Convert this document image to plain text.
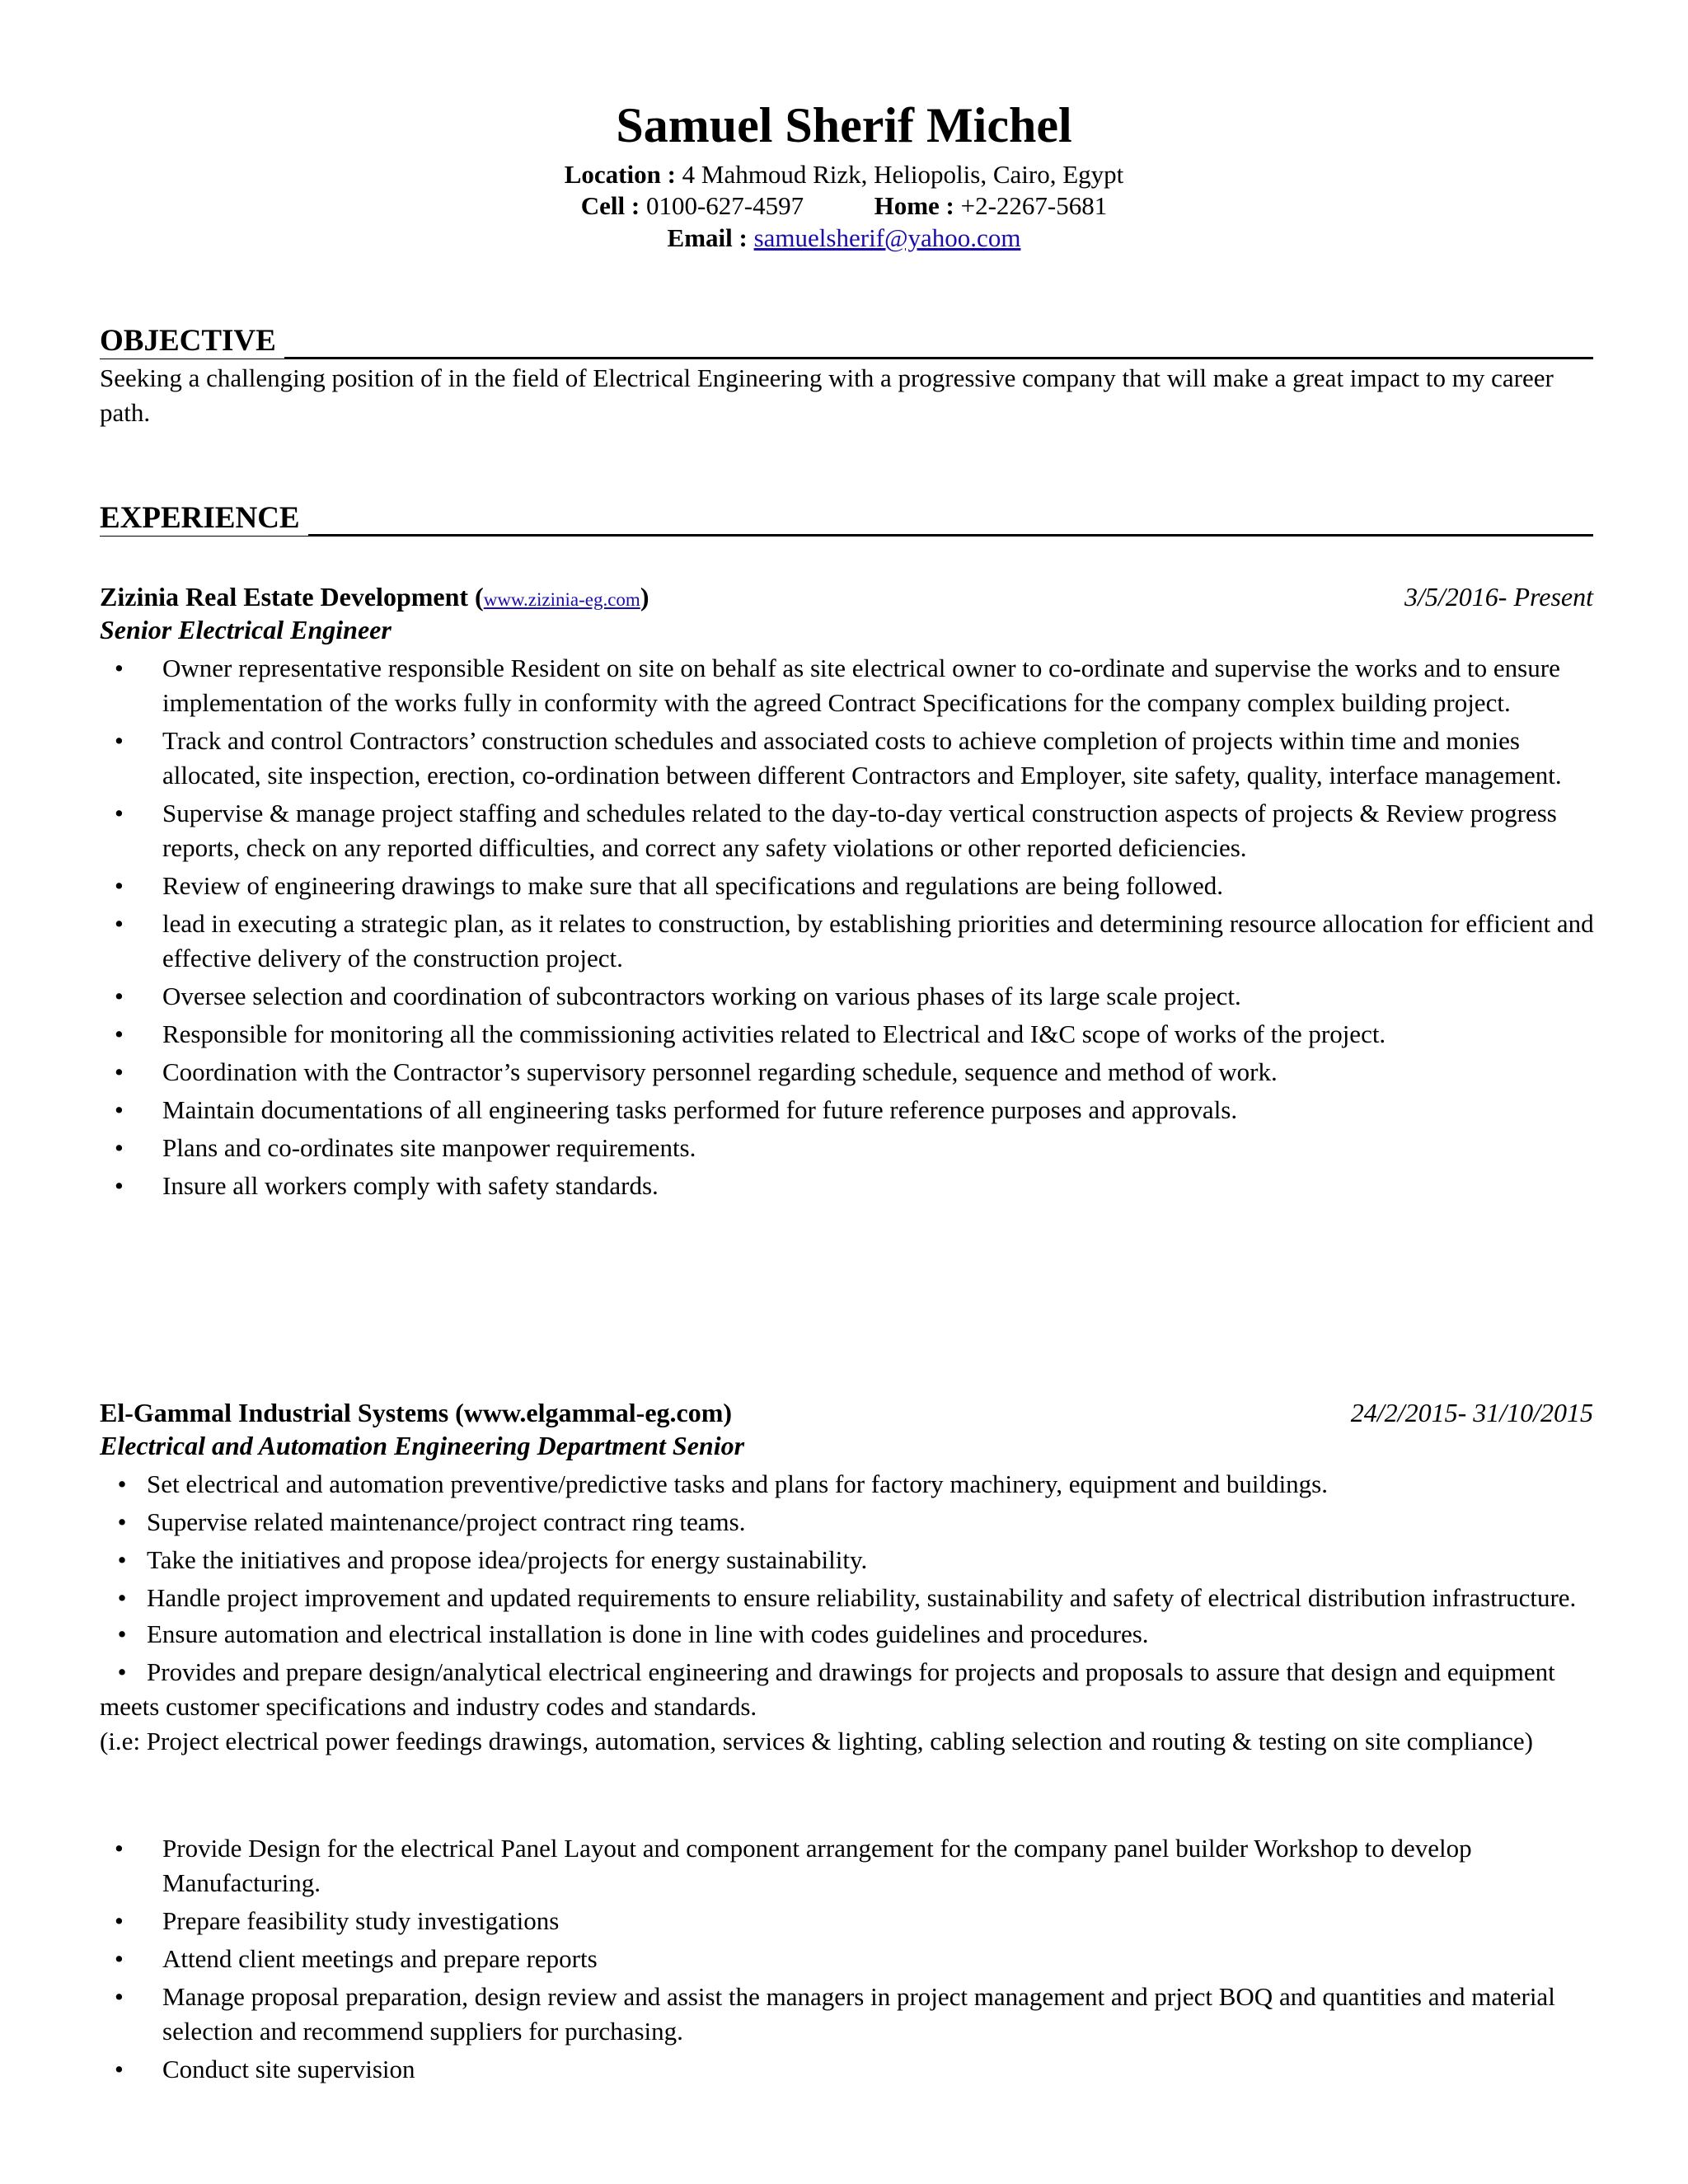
Samuel Sherif Michel
Location : 4 Mahmoud Rizk, Heliopolis, Cairo, Egypt
Cell : 0100-627-4597	Home : +2-2267-5681
Email : samuelsherif@yahoo.com
OBJECTIVE
Seeking a challenging position of in the field of Electrical Engineering with a progressive company that will make a great impact to my career path.
EXPERIENCE
Zizinia Real Estate Development (www.zizinia-eg.com)	3/5/2016- Present
Senior Electrical Engineer
• Owner representative responsible Resident on site on behalf as site electrical owner to co-ordinate and supervise the works and to ensure implementation of the works fully in conformity with the agreed Contract Specifications for the company complex building project.
• Track and control Contractors’ construction schedules and associated costs to achieve completion of projects within time and monies allocated, site inspection, erection, co-ordination between different Contractors and Employer, site safety, quality, interface management.
• Supervise & manage project staffing and schedules related to the day-to-day vertical construction aspects of projects & Review progress reports, check on any reported difficulties, and correct any safety violations or other reported deficiencies.
• Review of engineering drawings to make sure that all specifications and regulations are being followed.
• lead in executing a strategic plan, as it relates to construction, by establishing priorities and determining resource allocation for efficient and effective delivery of the construction project.
• Oversee selection and coordination of subcontractors working on various phases of its large scale project.
• Responsible for monitoring all the commissioning activities related to Electrical and I&C scope of works of the project.
• Coordination with the Contractor’s supervisory personnel regarding schedule, sequence and method of work.
• Maintain documentations of all engineering tasks performed for future reference purposes and approvals.
• Plans and co-ordinates site manpower requirements.
• Insure all workers comply with safety standards.
El-Gammal Industrial Systems (www.elgammal-eg.com)	24/2/2015- 31/10/2015
Electrical and Automation Engineering Department Senior
• Set electrical and automation preventive/predictive tasks and plans for factory machinery, equipment and buildings.
• Supervise related maintenance/project contract ring teams.
• Take the initiatives and propose idea/projects for energy sustainability.
• Handle project improvement and updated requirements to ensure reliability, sustainability and safety of electrical distribution infrastructure.
• Ensure automation and electrical installation is done in line with codes guidelines and procedures.
• Provides and prepare design/analytical electrical engineering and drawings for projects and proposals to assure that design and equipment meets customer specifications and industry codes and standards.
(i.e: Project electrical power feedings drawings, automation, services & lighting, cabling selection and routing & testing on site compliance)
• Provide Design for the electrical Panel Layout and component arrangement for the company panel builder Workshop to develop Manufacturing.
• Prepare feasibility study investigations
• Attend client meetings and prepare reports
• Manage proposal preparation, design review and assist the managers in project management and prject BOQ and quantities and material selection and recommend suppliers for purchasing.
• Conduct site supervision
